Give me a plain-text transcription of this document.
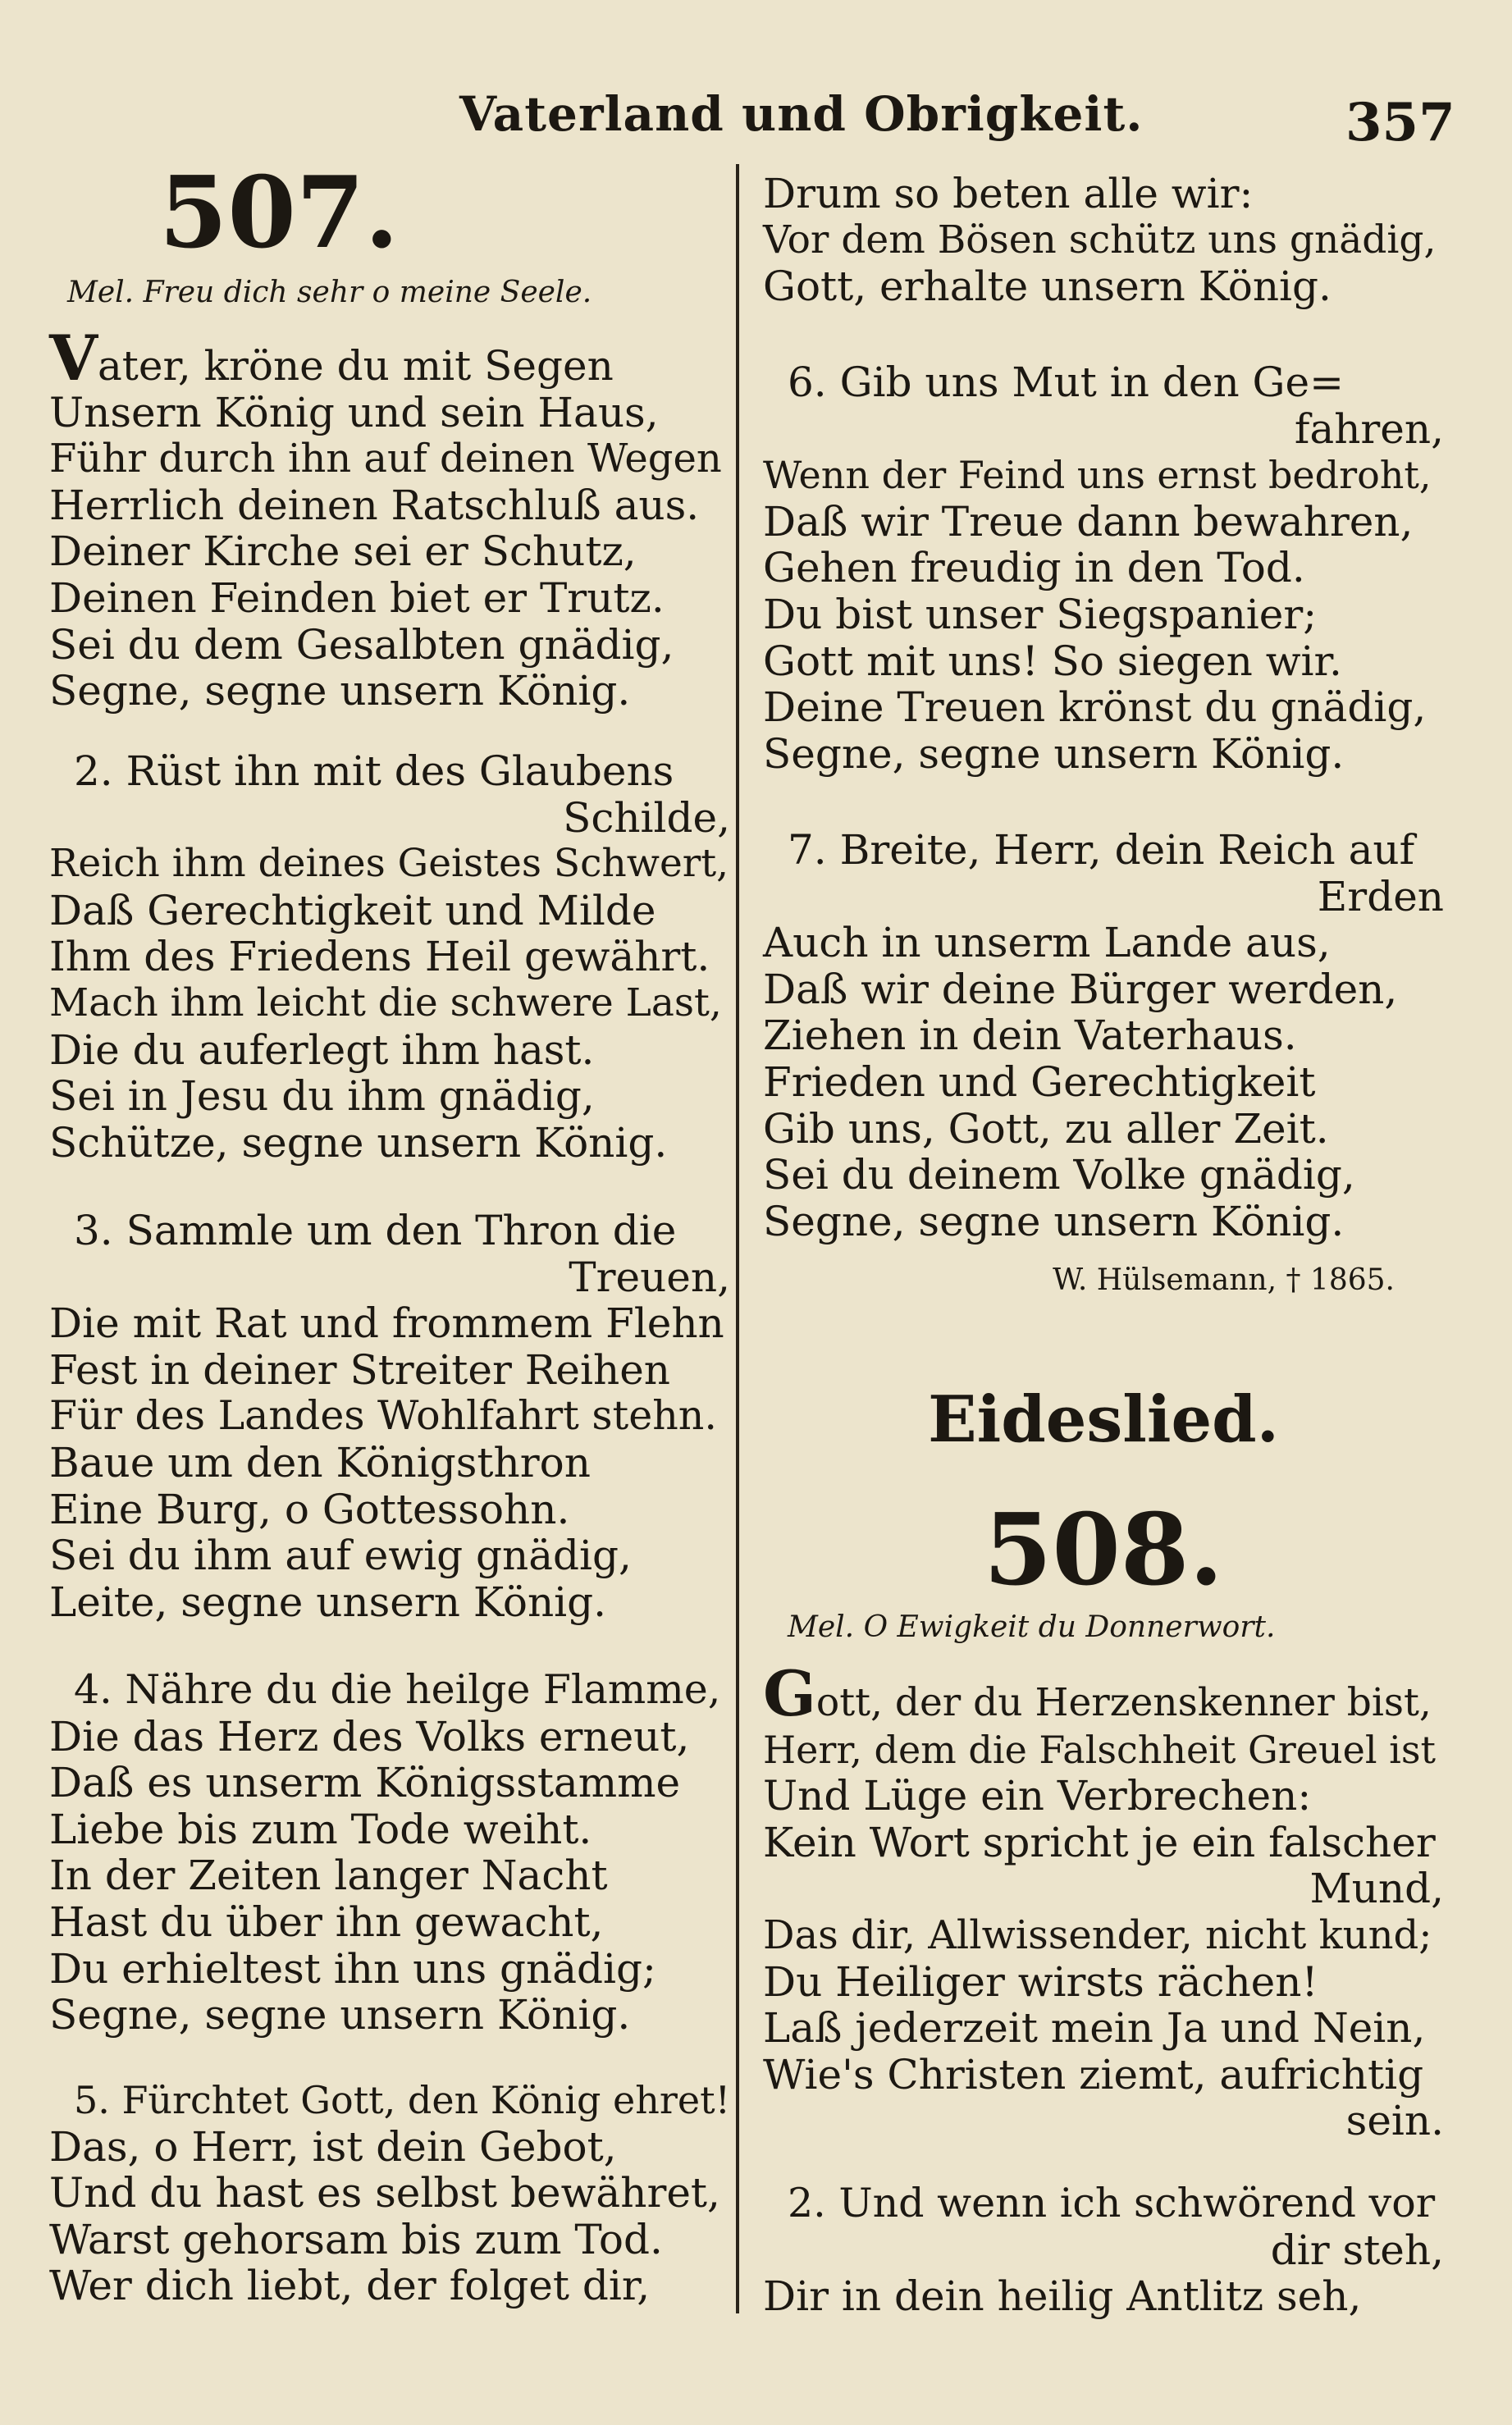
Vaterland und Obrigkeit.	357
507.
Mel. Freu dich sehr o meine Seele.

Vater, kröne du mit Segen

Unsern König und sein Haus,

Führ durch ihn auf deinen Wegen

Herrlich deinen Ratschluß aus.

Deiner Kirche sei er Schutz,

Deinen Feinden biet er Trutz.

Sei du dem Gesalbten gnädig,

Segne, segne unsern König.

2. Rüst ihn mit des Glaubens

Schilde,

Reich ihm deines Geistes Schwert,

Daß Gerechtigkeit und Milde

Ihm des Friedens Heil gewährt.

Mach ihm leicht die schwere Last,

Die du auferlegt ihm hast.

Sei in Jesu du ihm gnädig,

Schütze, segne unsern König.

3. Sammle um den Thron die

Treuen,

Die mit Rat und frommem Flehn

Fest in deiner Streiter Reihen

Für des Landes Wohlfahrt stehn.

Baue um den Königsthron

Eine Burg, o Gottessohn.

Sei du ihm auf ewig gnädig,

Leite, segne unsern König.

4. Nähre du die heilge Flamme,

Die das Herz des Volks erneut,

Daß es unserm Königsstamme

Liebe bis zum Tode weiht.

In der Zeiten langer Nacht

Hast du über ihn gewacht,

Du erhieltest ihn uns gnädig;

Segne, segne unsern König.

5. Fürchtet Gott, den König ehret!

Das, o Herr, ist dein Gebot,

Und du hast es selbst bewähret,

Warst gehorsam bis zum Tod.

Wer dich liebt, der folget dir,

Drum so beten alle wir:

Vor dem Bösen schütz uns gnädig,

Gott, erhalte unsern König.

6. Gib uns Mut in den Ge=

fahren,

Wenn der Feind uns ernst bedroht,

Daß wir Treue dann bewahren,

Gehen freudig in den Tod.

Du bist unser Siegspanier;

Gott mit uns! So siegen wir.

Deine Treuen krönst du gnädig,

Segne, segne unsern König.

7. Breite, Herr, dein Reich auf

Erden

Auch in unserm Lande aus,

Daß wir deine Bürger werden,

Ziehen in dein Vaterhaus.

Frieden und Gerechtigkeit

Gib uns, Gott, zu aller Zeit.

Sei du deinem Volke gnädig,

Segne, segne unsern König.

W. Hülsemann, † 1865.
Eideslied.
508.
Mel. O Ewigkeit du Donnerwort.

Gott, der du Herzenskenner bist,

Herr, dem die Falschheit Greuel ist

Und Lüge ein Verbrechen:

Kein Wort spricht je ein falscher

Mund,

Das dir, Allwissender, nicht kund;

Du Heiliger wirsts rächen!

Laß jederzeit mein Ja und Nein,

Wie's Christen ziemt, aufrichtig

sein.

2. Und wenn ich schwörend vor

dir steh,

Dir in dein heilig Antlitz seh,
